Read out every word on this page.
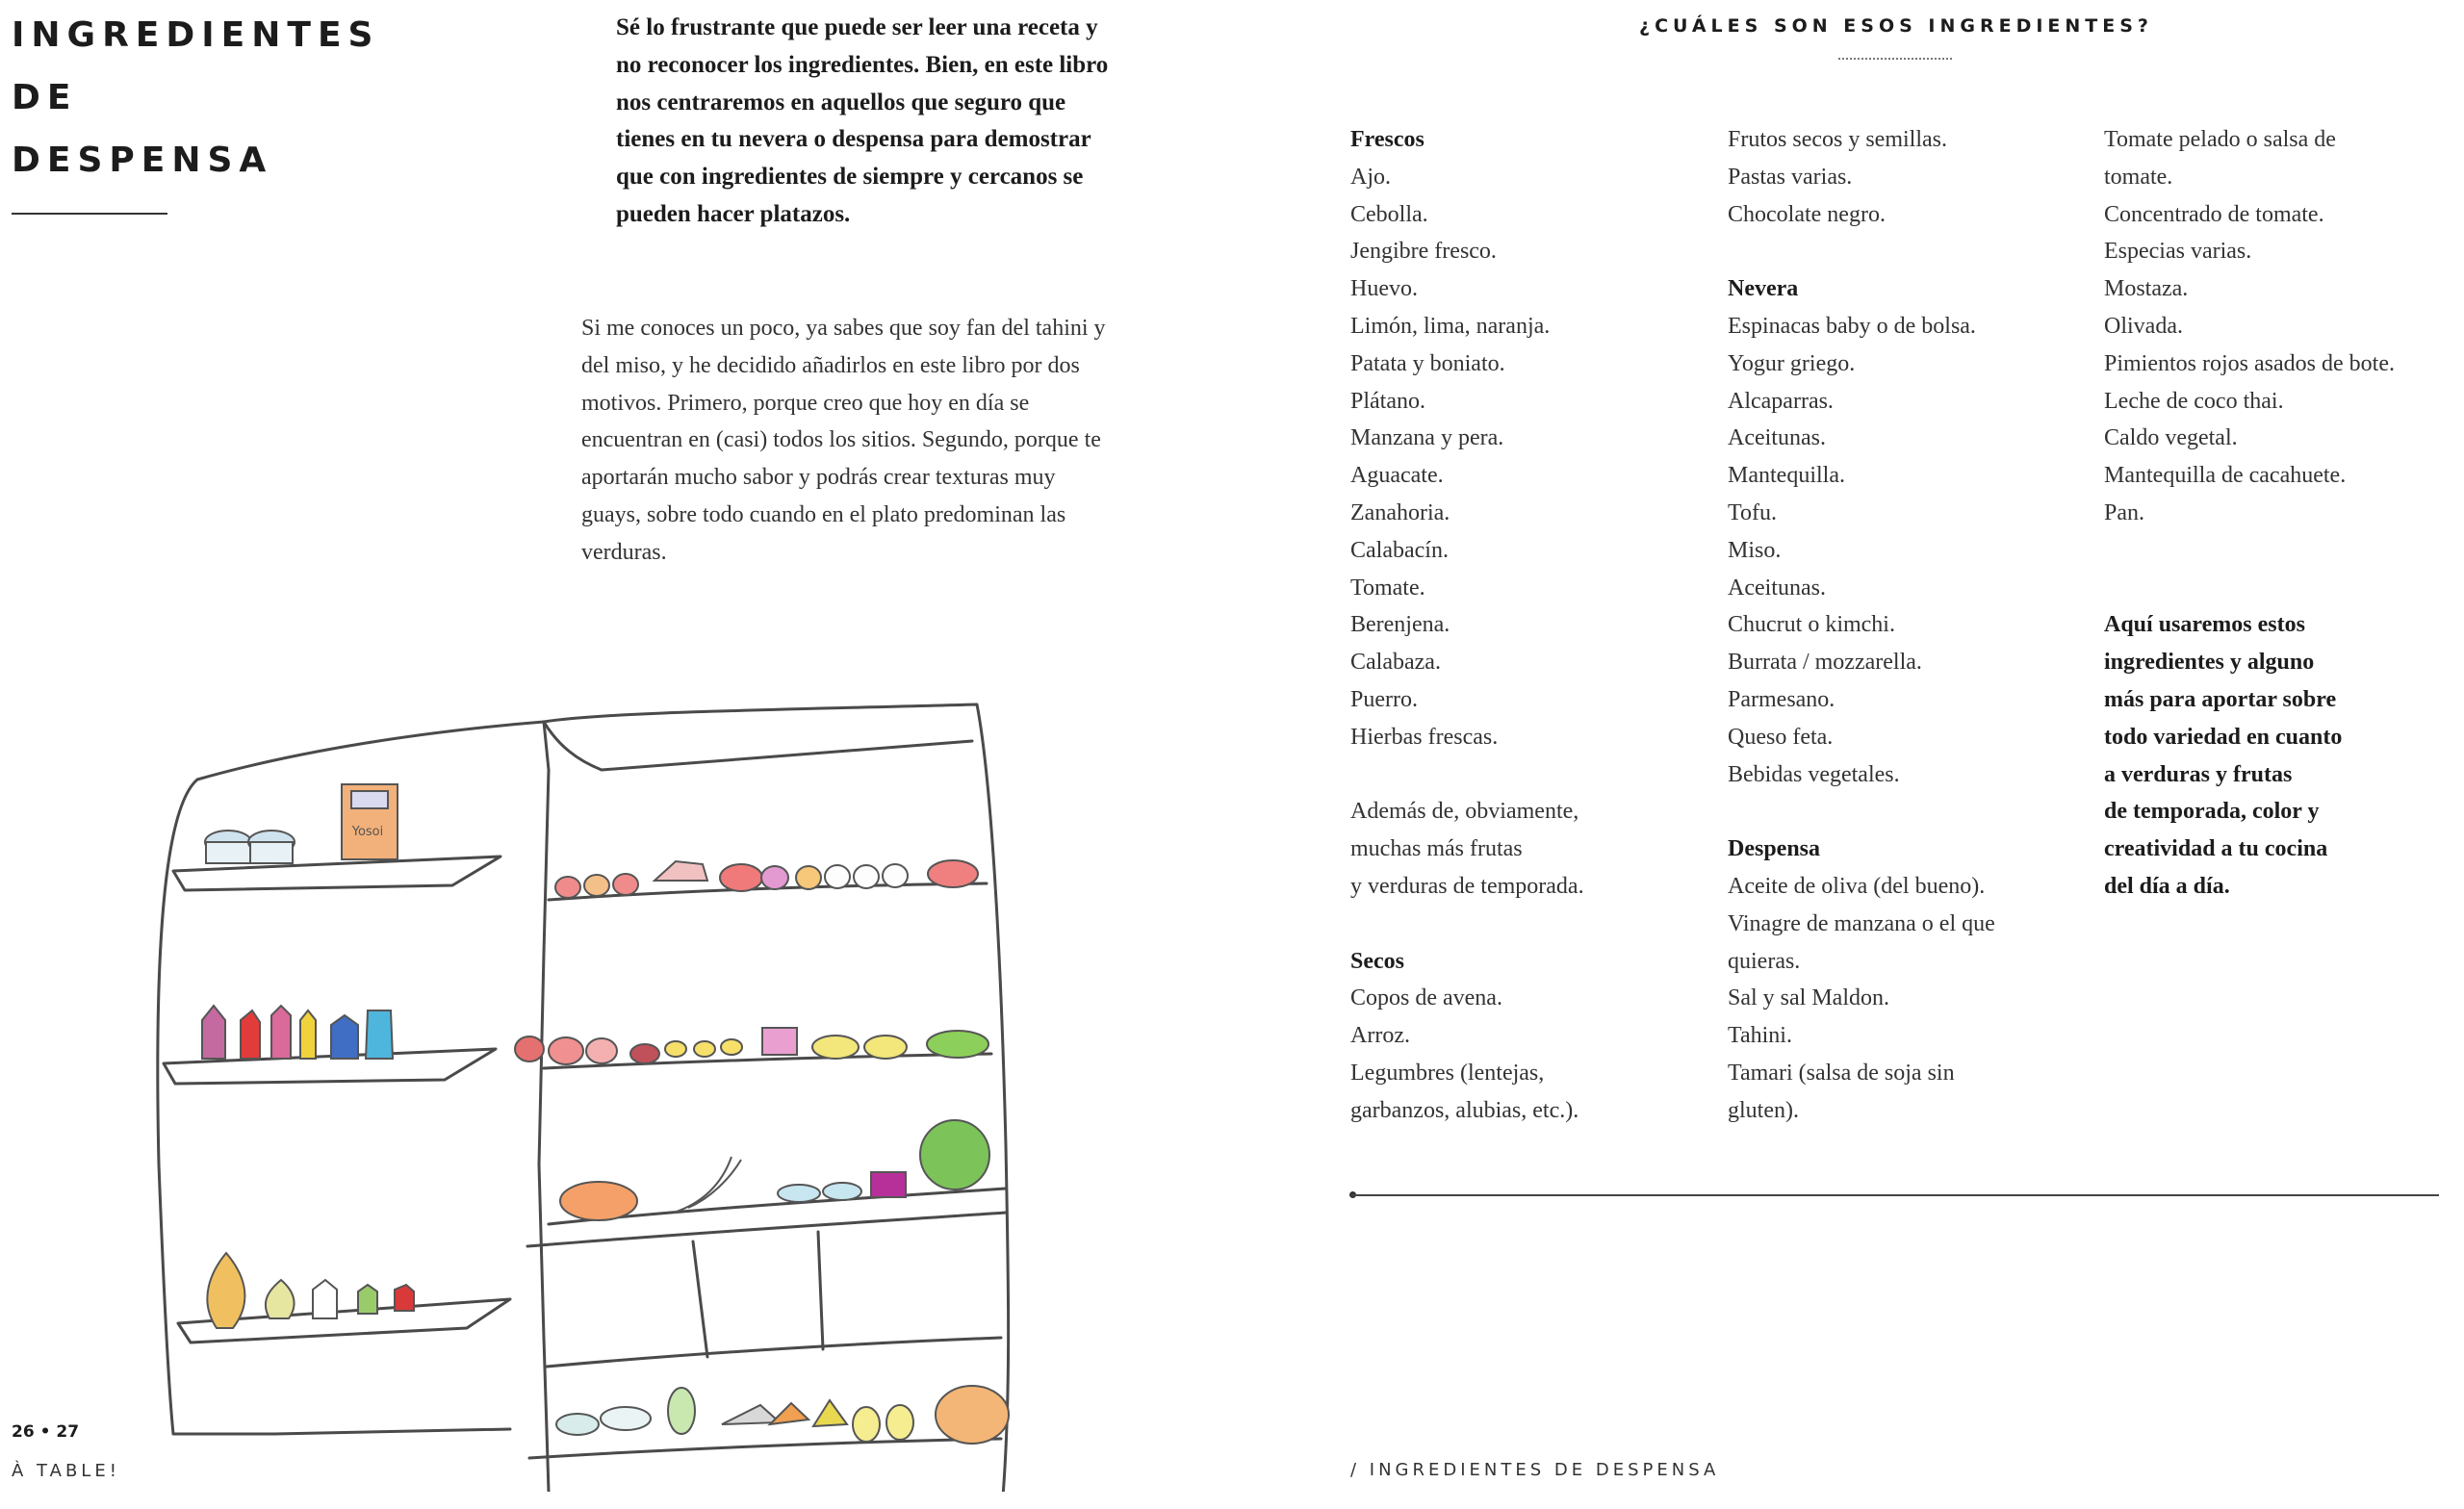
INGREDIENTES
DE
DESPENSA
Sé lo frustrante que puede ser leer una receta y no reconocer los ingredientes. Bien, en este libro nos centraremos en aquellos que seguro que tienes en tu nevera o despensa para demostrar que con ingredientes de siempre y cercanos se pueden hacer platazos.
Si me conoces un poco, ya sabes que soy fan del tahini y del miso, y he decidido añadirlos en este libro por dos motivos. Primero, porque creo que hoy en día se encuentran en (casi) todos los sitios. Segundo, porque te aportarán mucho sabor y podrás crear texturas muy guays, sobre todo cuando en el plato predominan las verduras.
Yosoi
26 • 27
À TABLE!
¿CUÁLES SON ESOS INGREDIENTES?
Frescos
Ajo.
Cebolla.
Jengibre fresco.
Huevo.
Limón, lima, naranja.
Patata y boniato.
Plátano.
Manzana y pera.
Aguacate.
Zanahoria.
Calabacín.
Tomate.
Berenjena.
Calabaza.
Puerro.
Hierbas frescas.
Además de, obviamente,
muchas más frutas
y verduras de temporada.
Secos
Copos de avena.
Arroz.
Legumbres (lentejas,
garbanzos, alubias, etc.).
Frutos secos y semillas.
Pastas varias.
Chocolate negro.
Nevera
Espinacas baby o de bolsa.
Yogur griego.
Alcaparras.
Aceitunas.
Mantequilla.
Tofu.
Miso.
Aceitunas.
Chucrut o kimchi.
Burrata / mozzarella.
Parmesano.
Queso feta.
Bebidas vegetales.
Despensa
Aceite de oliva (del bueno).
Vinagre de manzana o el que
quieras.
Sal y sal Maldon.
Tahini.
Tamari (salsa de soja sin
gluten).
Tomate pelado o salsa de
tomate.
Concentrado de tomate.
Especias varias.
Mostaza.
Olivada.
Pimientos rojos asados de bote.
Leche de coco thai.
Caldo vegetal.
Mantequilla de cacahuete.
Pan.
Aquí usaremos estos
ingredientes y alguno
más para aportar sobre
todo variedad en cuanto
a verduras y frutas
de temporada, color y
creatividad a tu cocina
del día a día.
/ INGREDIENTES DE DESPENSA
